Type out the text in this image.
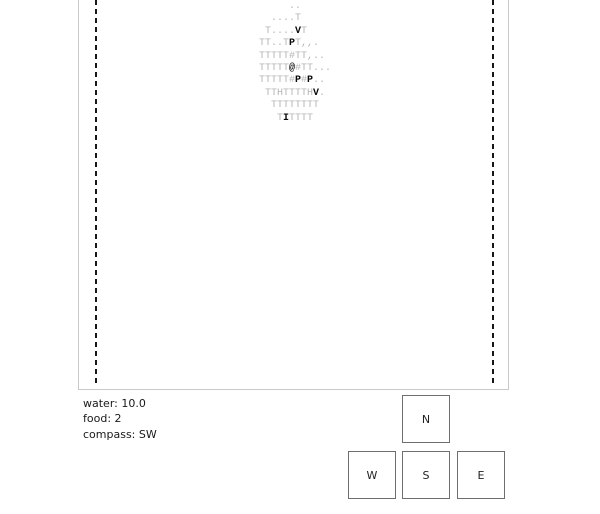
..
....T
T....VT
TT..TPT,,.
TTTTT#TT,..
TTTTT@#TT...
TTTTT#P#P..
TTHTTTTHV.
TTTTTTTT
TITTTT
water: 10.0
food: 2
compass: SW
N
W	S	E
